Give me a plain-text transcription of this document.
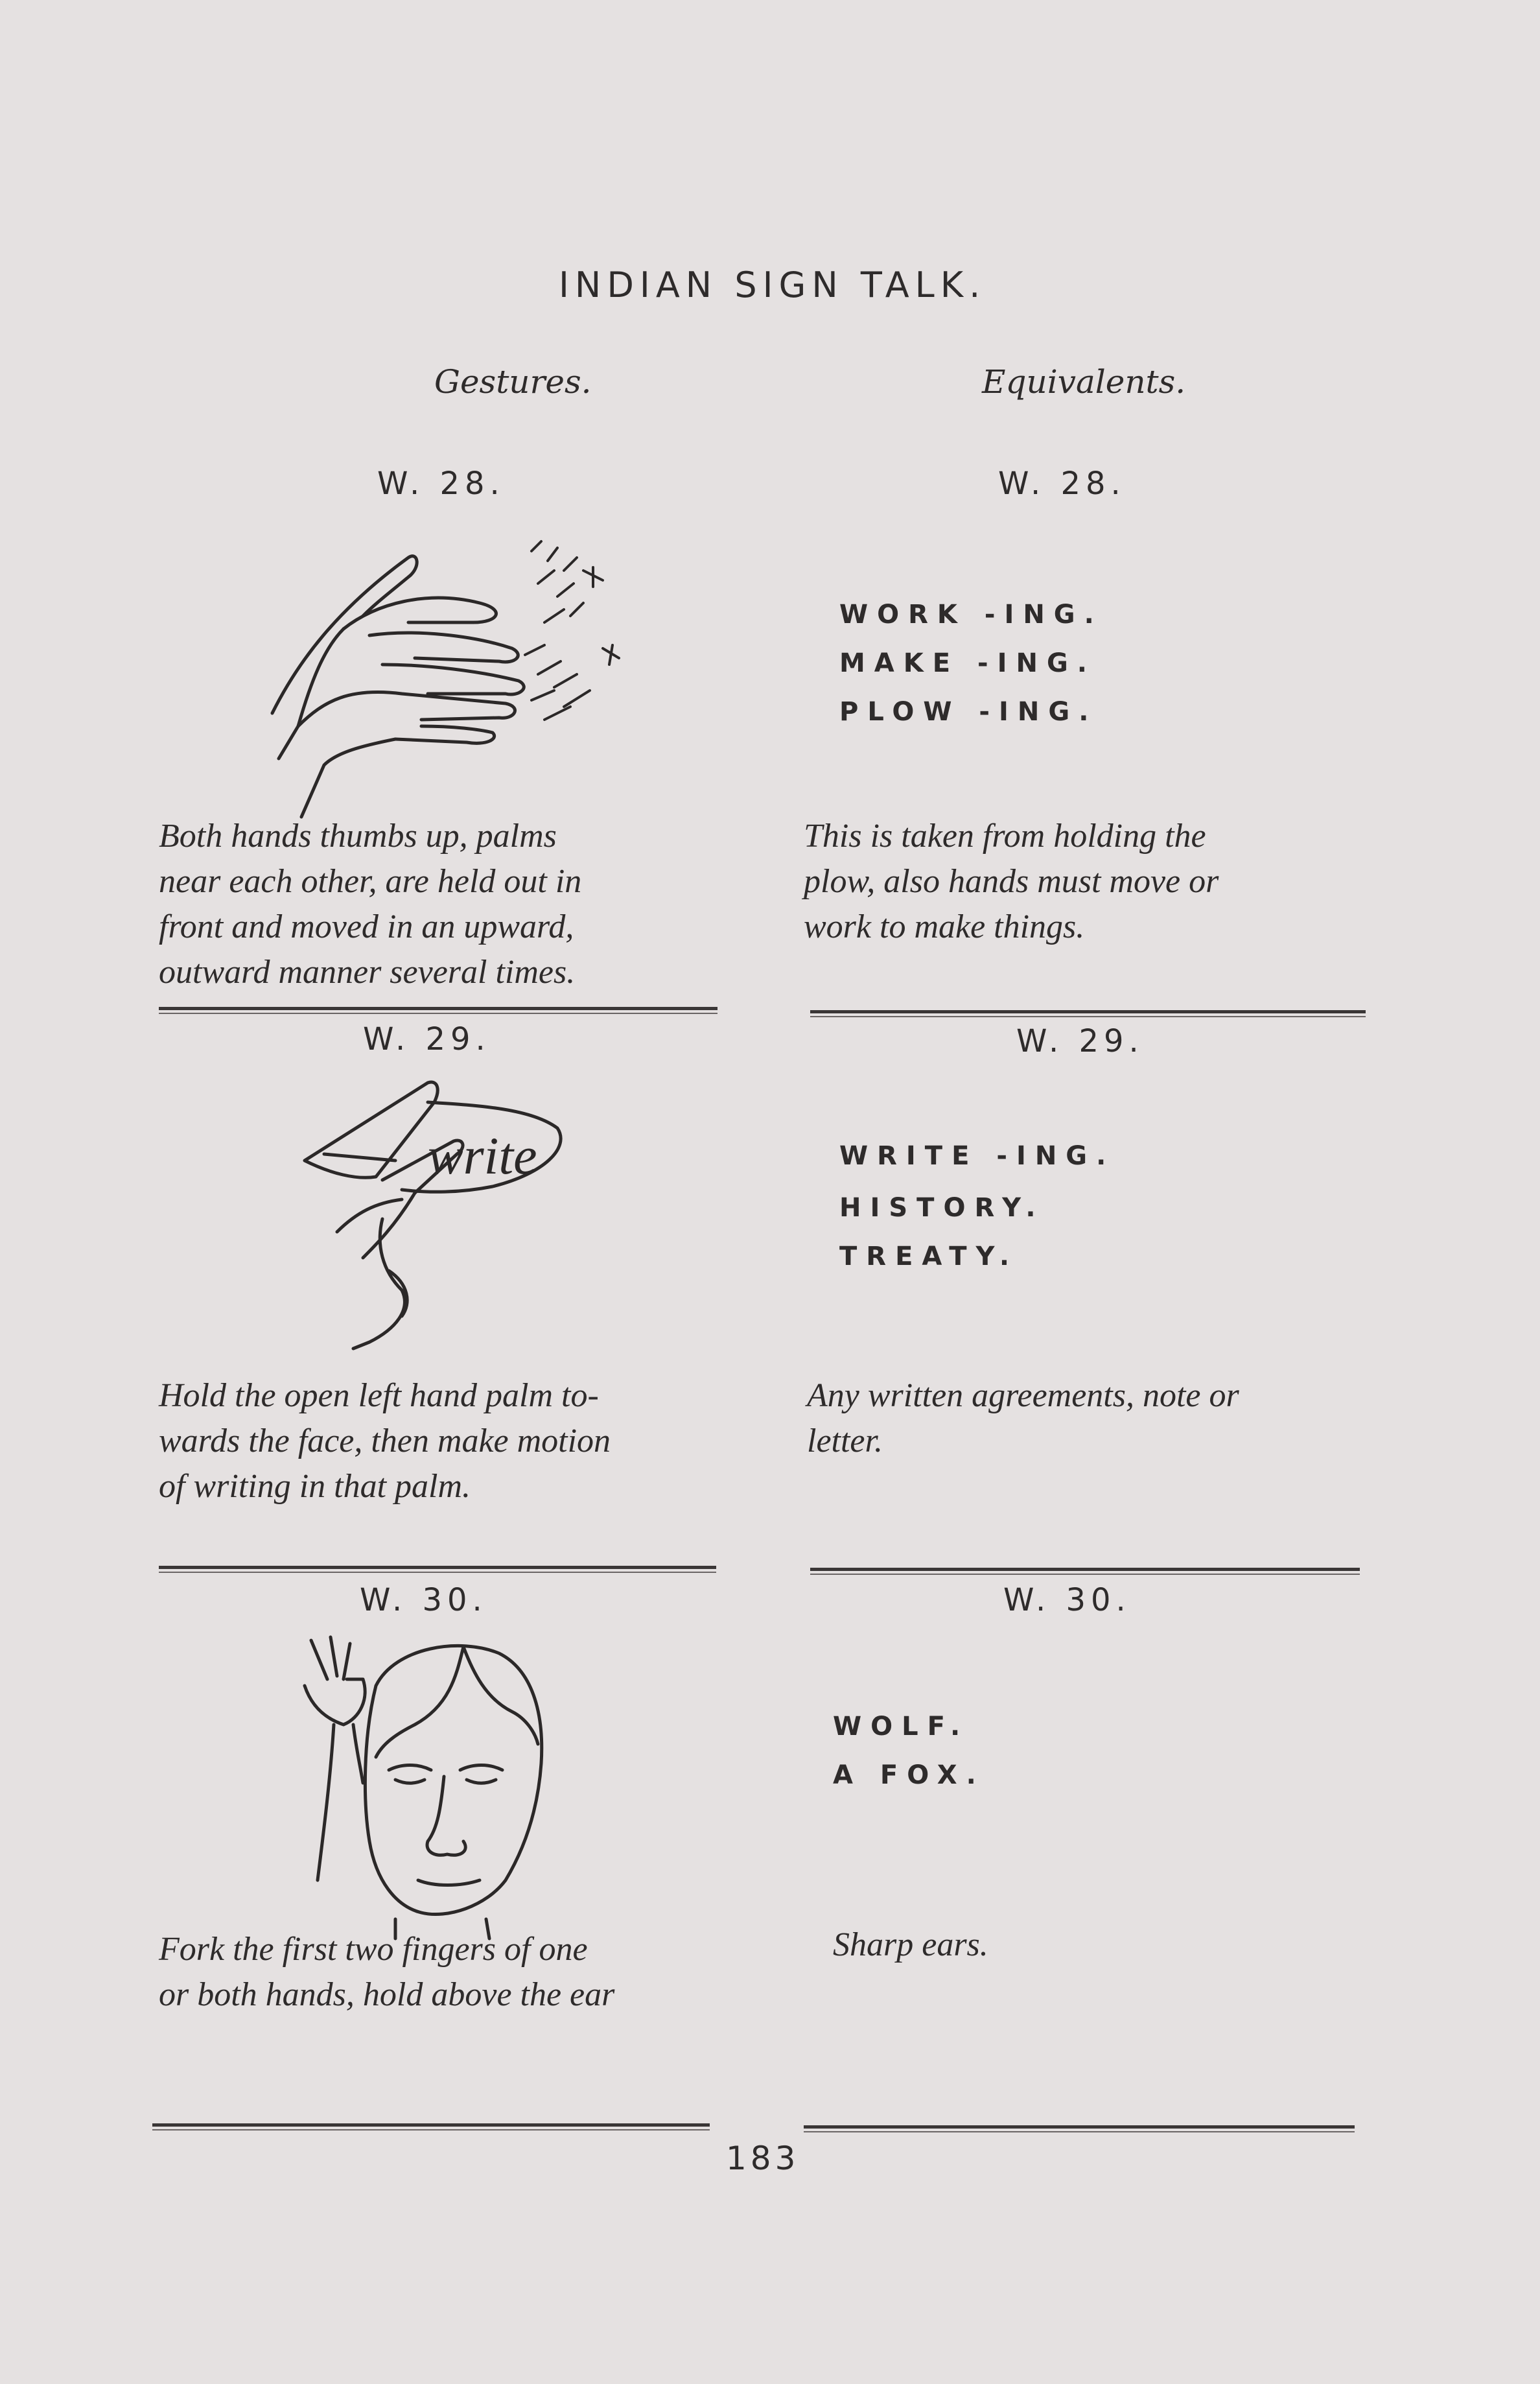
INDIAN SIGN TALK.
Gestures.	Equivalents.
W. 28.	W. 28.
WORK -ING.
MAKE -ING.
PLOW -ING.
Both hands thumbs up, palms
near each other, are held out in
front and moved in an upward,
outward manner several times.
This is taken from holding the
plow, also hands must move or
work to make things.
W. 29.	W. 29.
write	WRITE -ING.
HISTORY.
TREATY.
Hold the open left hand palm to-
wards the face, then make motion
of writing in that palm.
Any written agreements, note or
letter.
W. 30.	W. 30.
WOLF.
A FOX.
Fork the first two fingers of one
or both hands, hold above the ear
Sharp ears.
183
